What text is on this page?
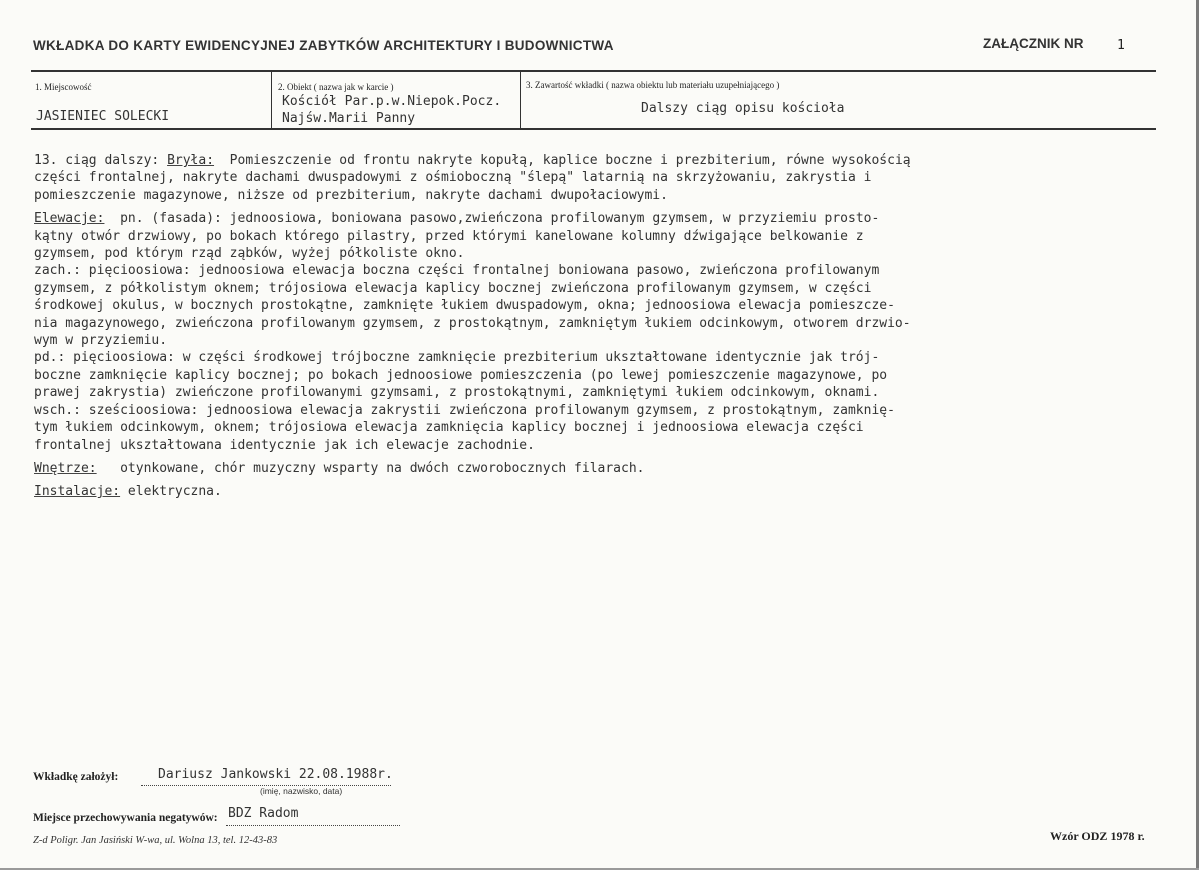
WKŁADKA DO KARTY EWIDENCYJNEJ ZABYTKÓW ARCHITEKTURY I BUDOWNICTWA	ZAŁĄCZNIK NR	1
1. Miejscowość
JASIENIEC SOLECKI
2. Obiekt ( nazwa jak w karcie )
Kościół Par.p.w.Niepok.Pocz.
Najśw.Marii Panny
3. Zawartość wkładki ( nazwa obiektu lub materiału uzupełniającego )
Dalszy ciąg opisu kościoła

13. ciąg dalszy: Bryła:  Pomieszczenie od frontu nakryte kopułą, kaplice boczne i prezbiterium, równe wysokością

części frontalnej, nakryte dachami dwuspadowymi z ośmioboczną "ślepą" latarnią na skrzyżowaniu, zakrystia i

pomieszczenie magazynowe, niższe od prezbiterium, nakryte dachami dwupołaciowymi.

Elewacje:  pn. (fasada): jednoosiowa, boniowana pasowo,zwieńczona profilowanym gzymsem, w przyziemiu prosto-

kątny otwór drzwiowy, po bokach którego pilastry, przed którymi kanelowane kolumny dźwigające belkowanie z

gzymsem, pod którym rząd ząbków, wyżej półkoliste okno.

zach.: pięcioosiowa: jednoosiowa elewacja boczna części frontalnej boniowana pasowo, zwieńczona profilowanym

gzymsem, z półkolistym oknem; trójosiowa elewacja kaplicy bocznej zwieńczona profilowanym gzymsem, w części

środkowej okulus, w bocznych prostokątne, zamknięte łukiem dwuspadowym, okna; jednoosiowa elewacja pomieszcze-

nia magazynowego, zwieńczona profilowanym gzymsem, z prostokątnym, zamkniętym łukiem odcinkowym, otworem drzwio-

wym w przyziemiu.

pd.: pięcioosiowa: w części środkowej trójboczne zamknięcie prezbiterium ukształtowane identycznie jak trój-

boczne zamknięcie kaplicy bocznej; po bokach jednoosiowe pomieszczenia (po lewej pomieszczenie magazynowe, po

prawej zakrystia) zwieńczone profilowanymi gzymsami, z prostokątnymi, zamkniętymi łukiem odcinkowym, oknami.

wsch.: sześcioosiowa: jednoosiowa elewacja zakrystii zwieńczona profilowanym gzymsem, z prostokątnym, zamknię-

tym łukiem odcinkowym, oknem; trójosiowa elewacja zamknięcia kaplicy bocznej i jednoosiowa elewacja części

frontalnej ukształtowana identycznie jak ich elewacje zachodnie.

Wnętrze:   otynkowane, chór muzyczny wsparty na dwóch czworobocznych filarach.

Instalacje: elektryczna.

Wkładkę założył:	Dariusz Jankowski 22.08.1988r.
(imię, nazwisko, data)
Miejsce przechowywania negatywów: BDZ Radom
Z-d Poligr. Jan Jasiński W-wa, ul. Wolna 13, tel. 12-43-83	Wzór ODZ 1978 r.
